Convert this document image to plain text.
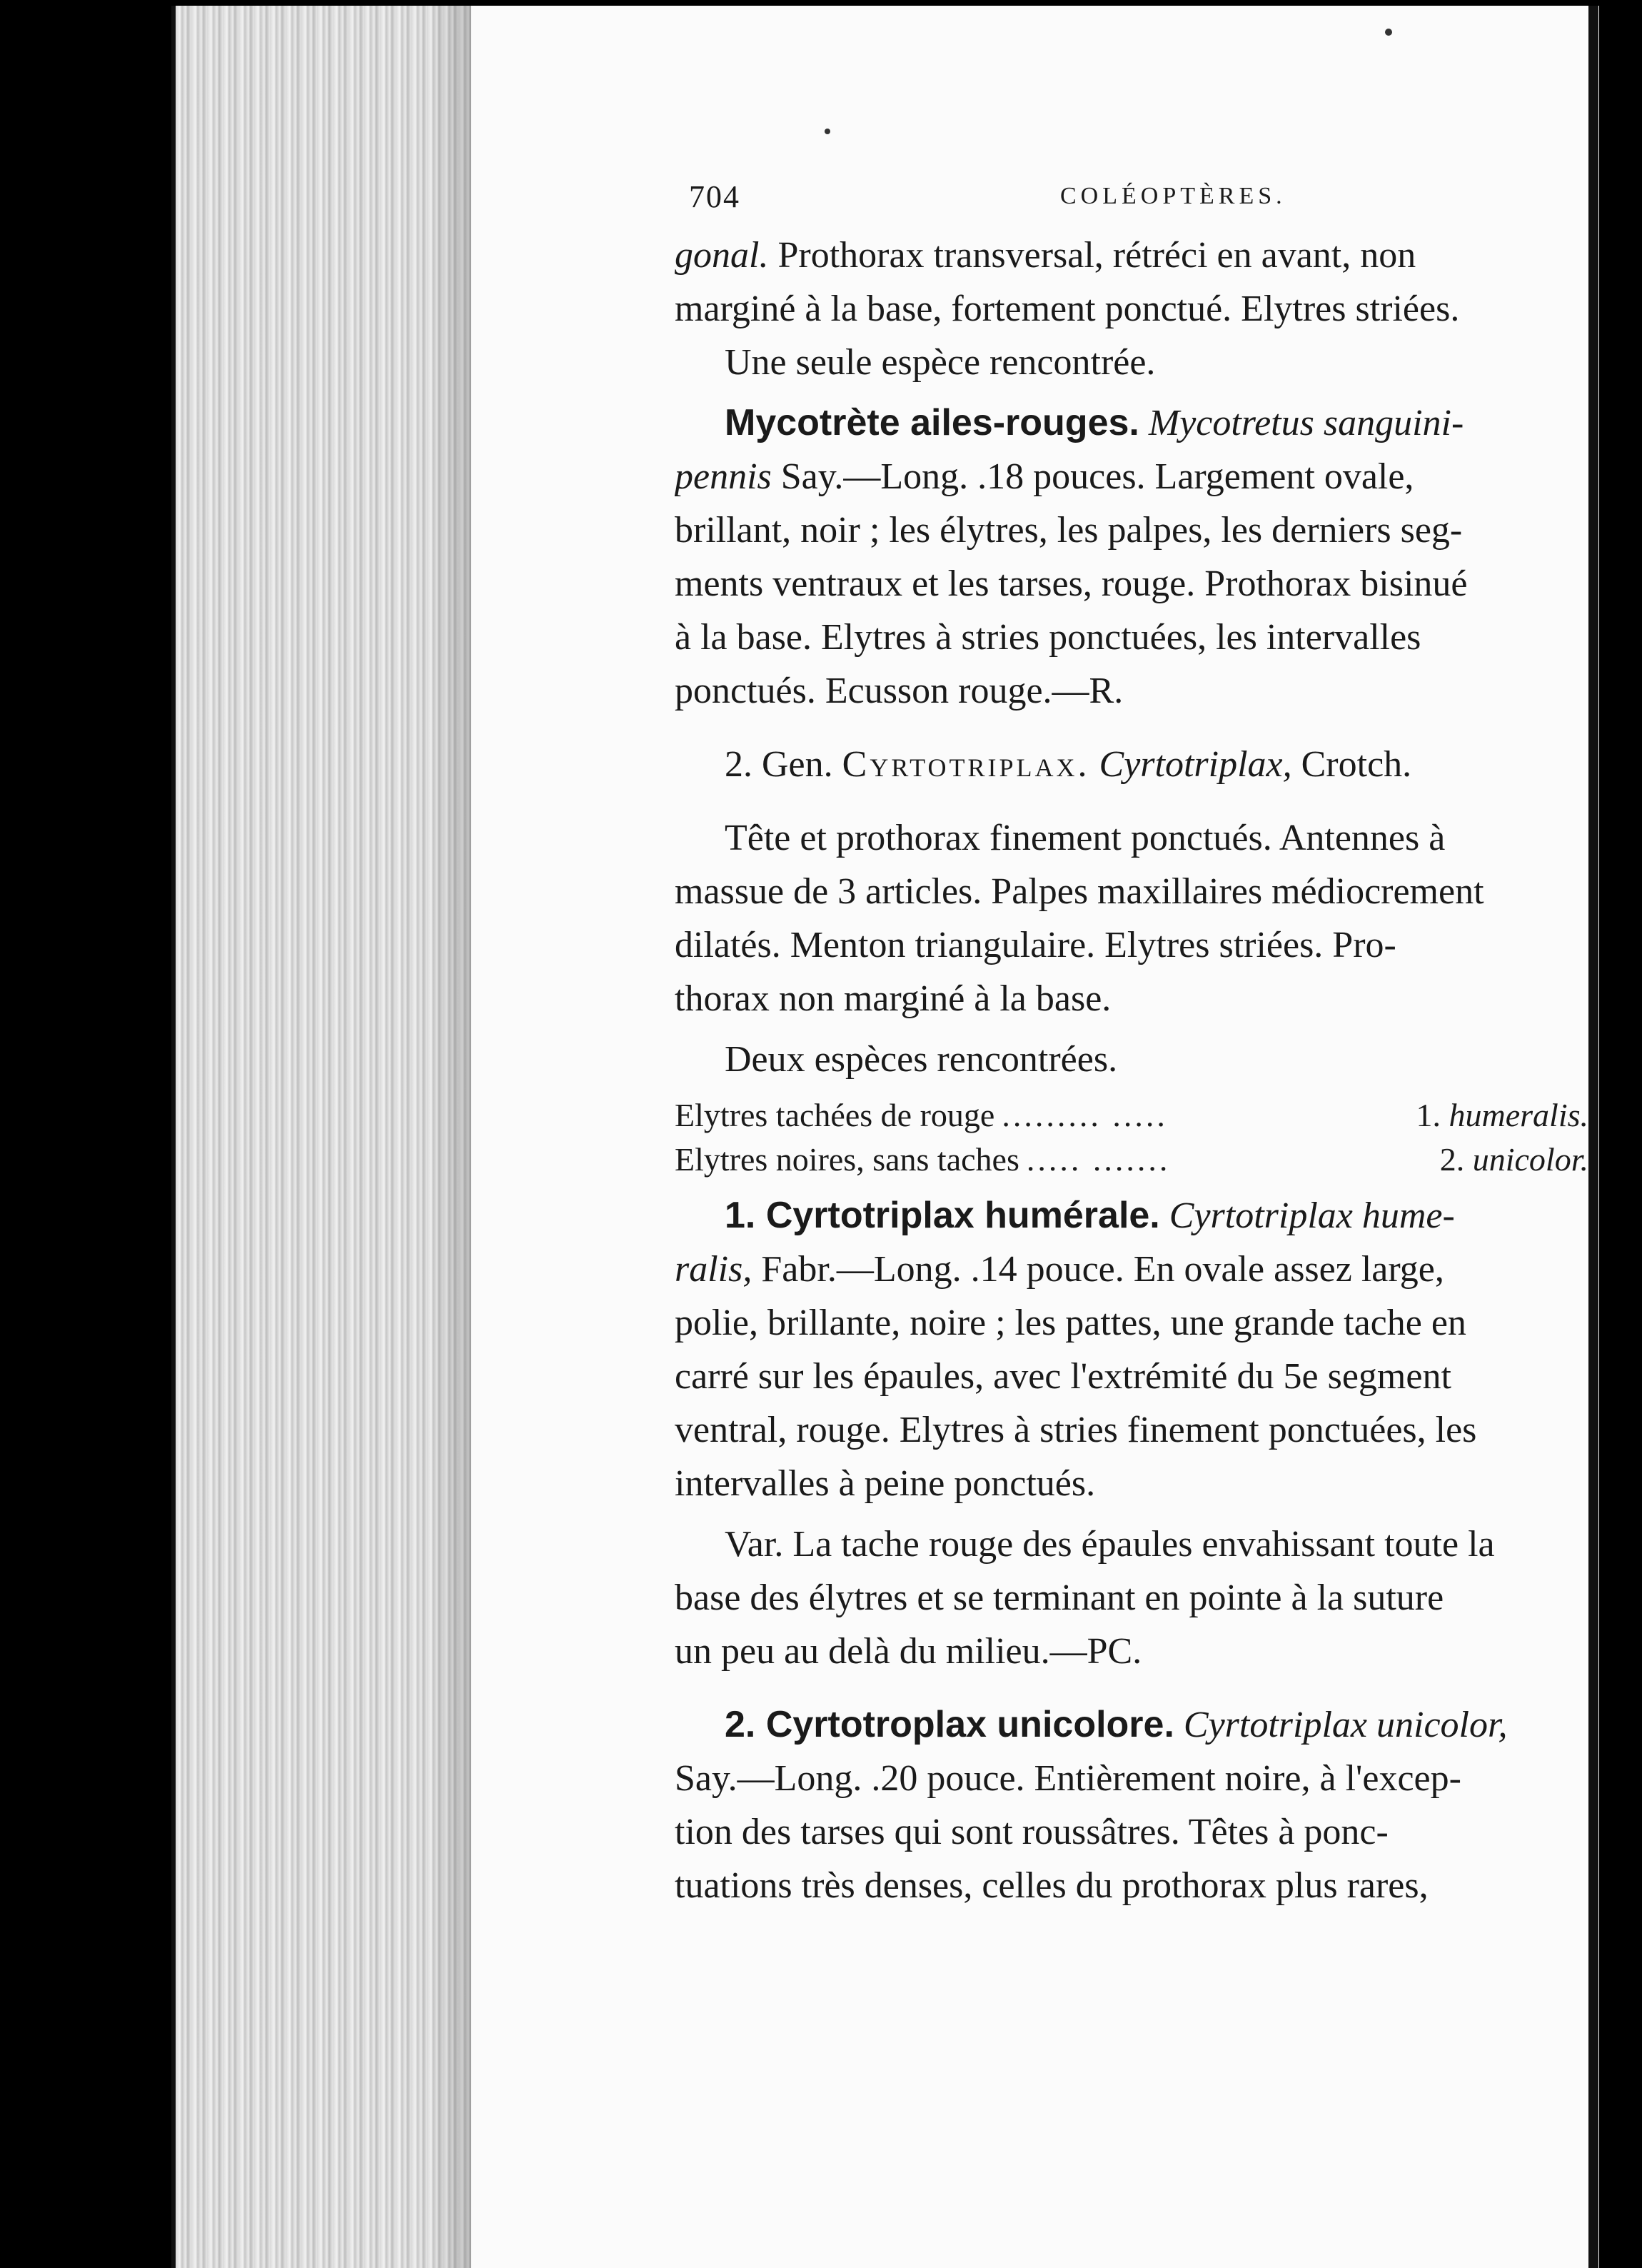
704	COLÉOPTÈRES.
gonal. Prothorax transversal, rétréci en avant, non
marginé à la base, fortement ponctué. Elytres striées.
Une seule espèce rencontrée.
Mycotrète ailes-rouges. Mycotretus sanguini-
pennis Say.—Long. .18 pouces. Largement ovale,
brillant, noir ; les élytres, les palpes, les derniers seg-
ments ventraux et les tarses, rouge. Prothorax bisinué
à la base. Elytres à stries ponctuées, les intervalles
ponctués. Ecusson rouge.—R.
2. Gen. Cyrtotriplax. Cyrtotriplax, Crotch.
Tête et prothorax finement ponctués. Antennes à
massue de 3 articles. Palpes maxillaires médiocrement
dilatés. Menton triangulaire. Elytres striées. Pro-
thorax non marginé à la base.
Deux espèces rencontrées.
Elytres tachées de rouge ......... .....	1. humeralis.
Elytres noires, sans taches ..... .......	2. unicolor.
1. Cyrtotriplax humérale. Cyrtotriplax hume-
ralis, Fabr.—Long. .14 pouce. En ovale assez large,
polie, brillante, noire ; les pattes, une grande tache en
carré sur les épaules, avec l'extrémité du 5e segment
ventral, rouge. Elytres à stries finement ponctuées, les
intervalles à peine ponctués.
Var. La tache rouge des épaules envahissant toute la
base des élytres et se terminant en pointe à la suture
un peu au delà du milieu.—PC.
2. Cyrtotroplax unicolore. Cyrtotriplax unicolor,
Say.—Long. .20 pouce. Entièrement noire, à l'excep-
tion des tarses qui sont roussâtres. Têtes à ponc-
tuations très denses, celles du prothorax plus rares,
